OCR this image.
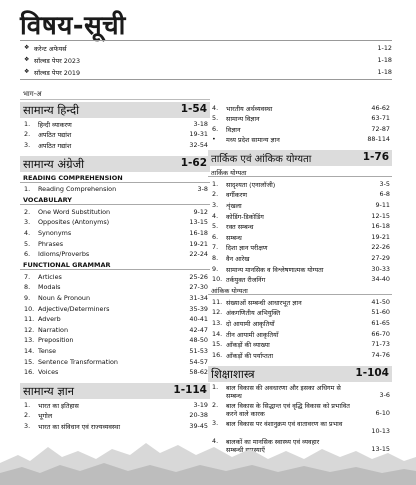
विषय-सूची
❖ करेन्ट अफेयर्स	1-12
❖ सॉल्वड पेपर 2023	1-18
❖ सॉल्वड पेपर 2019	1-18
भाग-अ
सामान्य हिन्दी	1-54
1.	हिन्दी व्याकरण	3-18
2.	अपठित पद्यांश	19-31
3.	अपठित गद्यांश	32-54
सामान्य अंग्रेजी	1-62
READING COMPREHENSION
1.	Reading Comprehension	3-8
VOCABULARY
2.	One Word Substitution	9-12
3.	Opposites (Antonyms)	13-15
4.	Synonyms	16-18
5.	Phrases	19-21
6.	Idioms/Proverbs	22-24
FUNCTIONAL GRAMMAR
7.	Articles	25-26
8.	Modals	27-30
9.	Noun & Pronoun	31-34
10. Adjective/Determiners	35-39
11. Adverb	40-41
12. Narration	42-47
13. Preposition	48-50
14. Tense	51-53
15. Sentence Transformation	54-57
16. Voices	58-62
सामान्य ज्ञान	1-114
1.	भारत का इतिहास	3-19
2.	भूगोल	20-38
3.	भारत का संविधान एवं राज्यव्यवस्था	39-45
4.	भारतीय अर्थव्यवस्था	46-62
5.	सामान्य विज्ञान	63-71
6.	विज्ञान	72-87
•	मध्य प्रदेश सामान्य ज्ञान	88-114
तार्किक एवं आंकिक योग्यता	1-76
तार्किक योग्यता
1.	सादृश्यता (एनालॉजी)	3-5
2.	वर्गीकरण	6-8
3.	शृंखला	9-11
4.	कोडिंग-डिकोडिंग	12-15
5.	रक्त सम्बन्ध	16-18
6.	सम्बन्ध	19-21
7.	दिशा ज्ञान परीक्षण	22-26
8.	वैन आरेख	27-29
9.	सामान्य मानसिक व विश्लेषणात्मक योग्यता	30-33
10. तर्कयुक्त रीजनिंग	34-40
आंकिक योग्यता
11. संख्याओं सम्बन्धी आधारभूत ज्ञान	41-50
12. अंकगणितीय अभियुक्ति	51-60
13. दो आयामी आकृतियाँ	61-65
14. तीन आयामी आकृतियाँ	66-70
15. आँकड़ों की व्याख्या	71-73
16. आँकड़ों की पर्याप्तता	74-76
शिक्षाशास्त्र	1-104
1.	बाल विकास की अवधारणा और इसका अधिगम से
सम्बन्ध	3-6
2.	बाल विकास के सिद्धान्त एवं वृद्धि विकास को प्रभावित
करने वाले कारक	6-10
3.	बाल विकास पर वंशानुक्रम एवं वातावरण का प्रभाव
10-13
4.	बालकों का मानसिक स्वास्थ्य एवं व्यवहार
सम्बन्धी समस्याएँ	13-15
